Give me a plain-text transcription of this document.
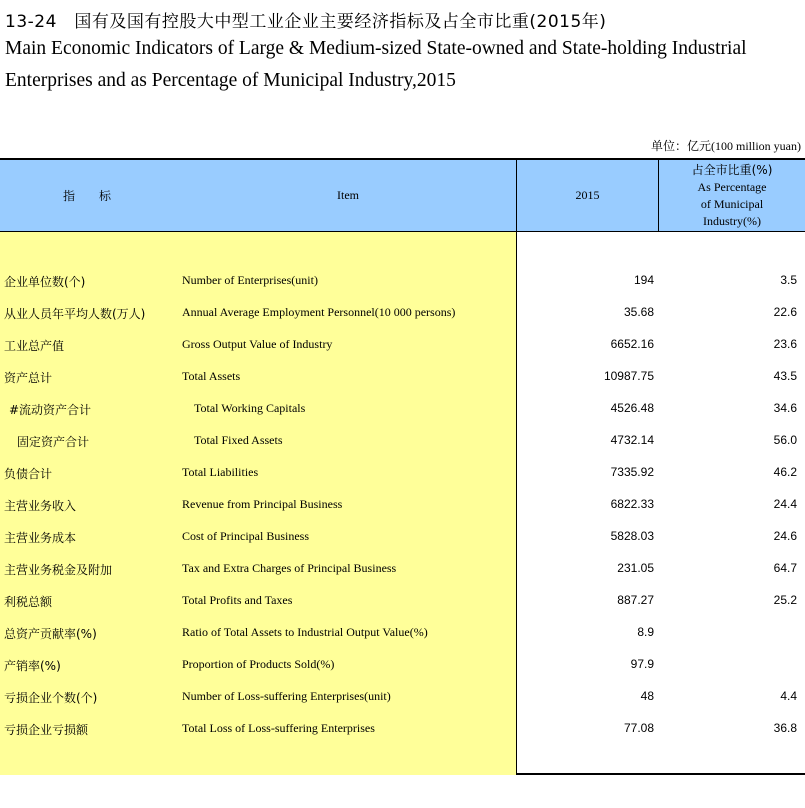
13-24　国有及国有控股大中型工业企业主要经济指标及占全市比重(2015年)
Main Economic Indicators of Large & Medium-sized State-owned and State-holding Industrial
Enterprises and as Percentage of Municipal Industry,2015
单位：亿元(100 million yuan)
指　标	Item	2015
占全市比重(%)
As Percentage
of Municipal
Industry(%)
企业单位数(个)	Number of Enterprises(unit)	194	3.5
从业人员年平均人数(万人)	Annual Average Employment Personnel(10 000 persons)	35.68	22.6
工业总产值	Gross Output Value of Industry	6652.16	23.6
资产总计	Total Assets	10987.75	43.5
#流动资产合计	Total Working Capitals	4526.48	34.6
固定资产合计	Total Fixed Assets	4732.14	56.0
负债合计	Total Liabilities	7335.92	46.2
主营业务收入	Revenue from Principal Business	6822.33	24.4
主营业务成本	Cost of Principal Business	5828.03	24.6
主营业务税金及附加	Tax and Extra Charges of Principal Business	231.05	64.7
利税总额	Total Profits and Taxes	887.27	25.2
总资产贡献率(%)	Ratio of Total Assets to Industrial Output Value(%)	8.9
产销率(%)	Proportion of Products Sold(%)	97.9
亏损企业个数(个)	Number of Loss-suffering Enterprises(unit)	48	4.4
亏损企业亏损额	Total Loss of Loss-suffering Enterprises	77.08	36.8
